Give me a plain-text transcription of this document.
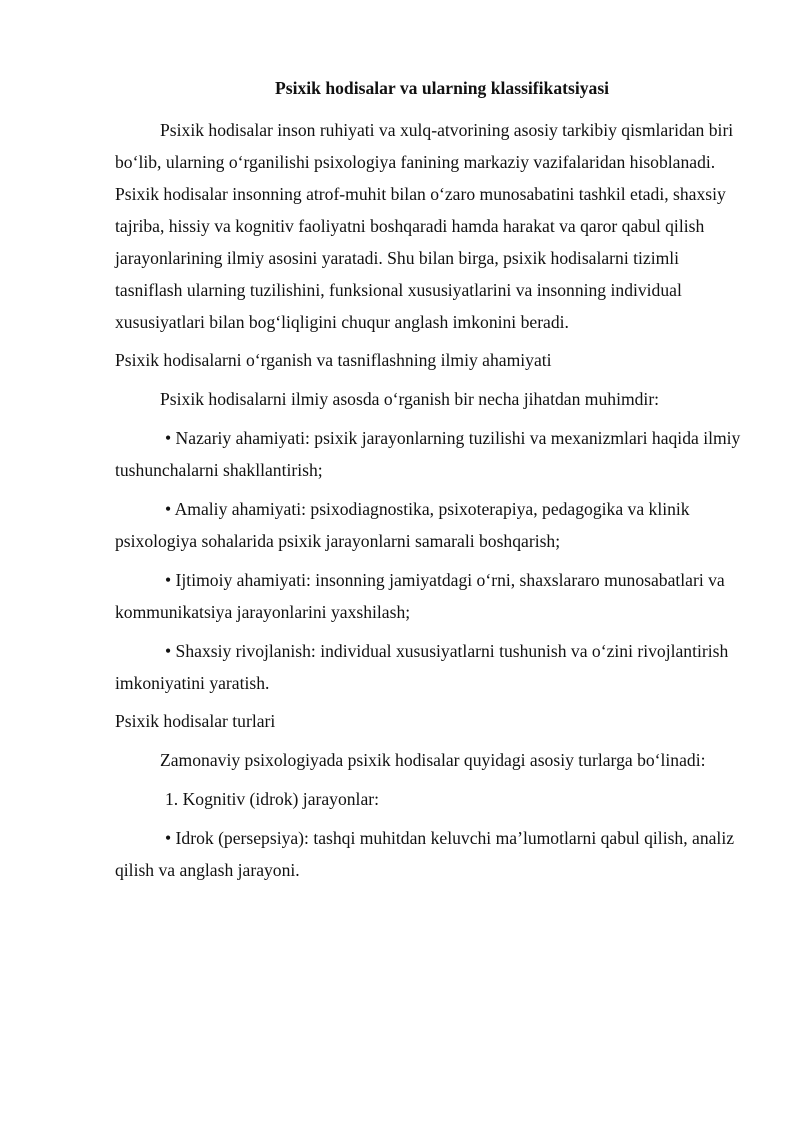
Psixik hodisalar va ularning klassifikatsiyasi

Psixik hodisalar inson ruhiyati va xulq-atvorining asosiy tarkibiy qismlaridan biri bo‘lib, ularning o‘rganilishi psixologiya fanining markaziy vazifalaridan hisoblanadi. Psixik hodisalar insonning atrof-muhit bilan o‘zaro munosabatini tashkil etadi, shaxsiy tajriba, hissiy va kognitiv faoliyatni boshqaradi hamda harakat va qaror qabul qilish jarayonlarining ilmiy asosini yaratadi. Shu bilan birga, psixik hodisalarni tizimli tasniflash ularning tuzilishini, funksional xususiyatlarini va insonning individual xususiyatlari bilan bog‘liqligini chuqur anglash imkonini beradi.

Psixik hodisalarni o‘rganish va tasniflashning ilmiy ahamiyati

Psixik hodisalarni ilmiy asosda o‘rganish bir necha jihatdan muhimdir:

• Nazariy ahamiyati: psixik jarayonlarning tuzilishi va mexanizmlari haqida ilmiy tushunchalarni shakllantirish;

• Amaliy ahamiyati: psixodiagnostika, psixoterapiya, pedagogika va klinik psixologiya sohalarida psixik jarayonlarni samarali boshqarish;

• Ijtimoiy ahamiyati: insonning jamiyatdagi o‘rni, shaxslararo munosabatlari va kommunikatsiya jarayonlarini yaxshilash;

• Shaxsiy rivojlanish: individual xususiyatlarni tushunish va o‘zini rivojlantirish imkoniyatini yaratish.

Psixik hodisalar turlari

Zamonaviy psixologiyada psixik hodisalar quyidagi asosiy turlarga bo‘linadi:

1. Kognitiv (idrok) jarayonlar:

• Idrok (persepsiya): tashqi muhitdan keluvchi ma’lumotlarni qabul qilish, analiz qilish va anglash jarayoni.
